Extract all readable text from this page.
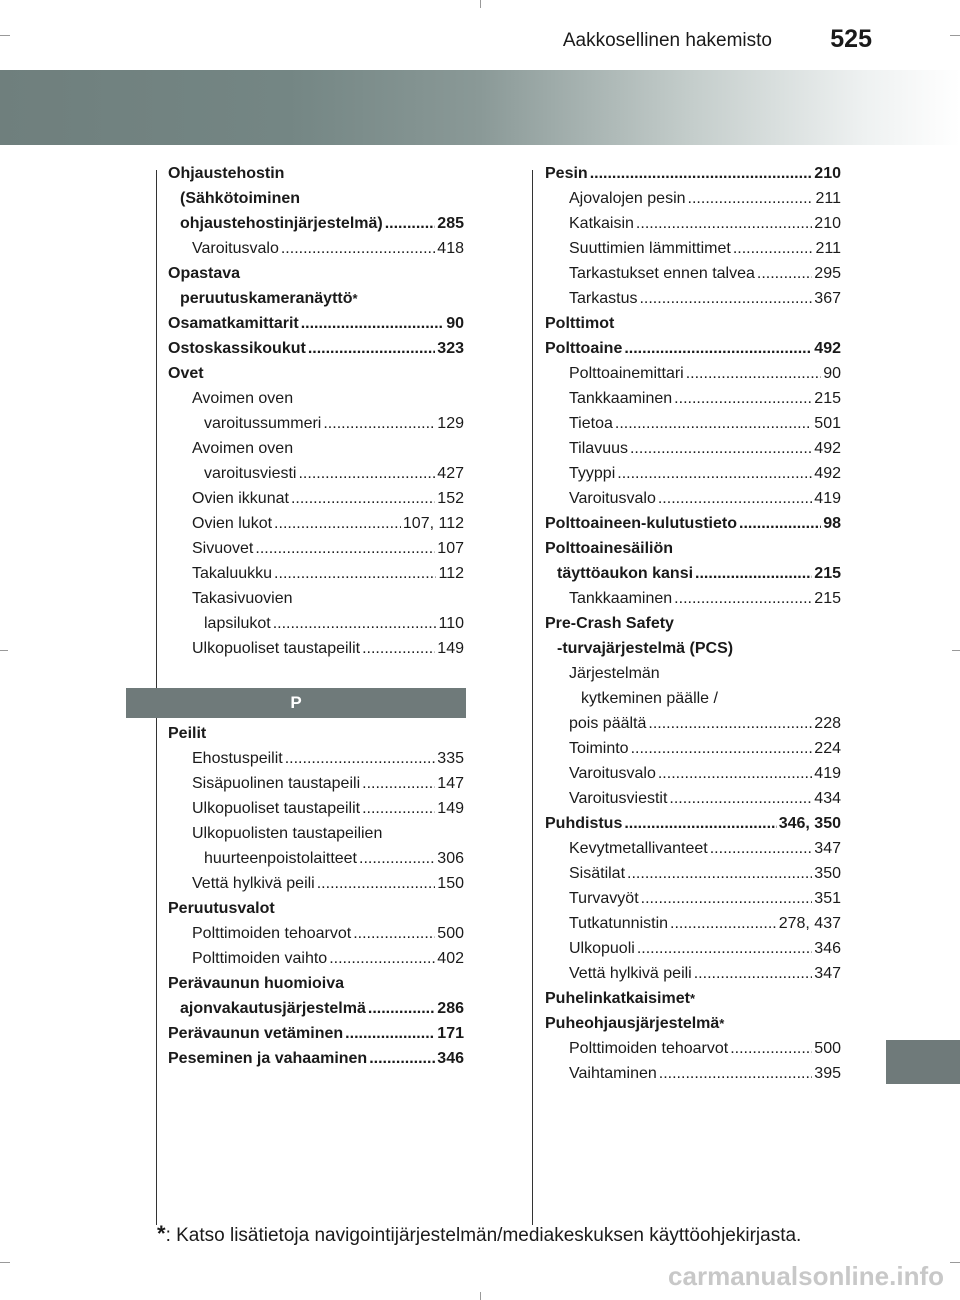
Aakkosellinen hakemisto 525
Ohjaustehostin
(Sähkötoiminen
ohjaustehostinjärjestelmä) .....	285
Varoitusvalo .....	418
Opastava
peruutuskameranäyttö *
Osamatkamittarit .....	90
Ostoskassikoukut .....	323
Ovet
Avoimen oven
varoitussummeri .....	129
Avoimen oven
varoitusviesti .....	427
Ovien ikkunat .....	152
Ovien lukot .....	107, 112
Sivuovet .....	107
Takaluukku .....	112
Takasivuovien
lapsilukot .....	110
Ulkopuoliset taustapeilit .....	149
P
Peilit
Ehostuspeilit .....	335
Sisäpuolinen taustapeili .....	147
Ulkopuoliset taustapeilit .....	149
Ulkopuolisten taustapeilien
huurteenpoistolaitteet .....	306
Vettä hylkivä peili .....	150
Peruutusvalot
Polttimoiden tehoarvot .....	500
Polttimoiden vaihto .....	402
Perävaunun huomioiva
ajonvakautusjärjestelmä .....	286
Perävaunun vetäminen .....	171
Peseminen ja vahaaminen .....	346
Pesin .....	210
Ajovalojen pesin .....	211
Katkaisin .....	210
Suuttimien lämmittimet .....	211
Tarkastukset ennen talvea .....	295
Tarkastus .....	367
Polttimot
Polttoaine .....	492
Polttoainemittari .....	90
Tankkaaminen .....	215
Tietoa .....	501
Tilavuus .....	492
Tyyppi .....	492
Varoitusvalo .....	419
Polttoaineen-kulutustieto .....	98
Polttoainesäiliön
täyttöaukon kansi .....	215
Tankkaaminen .....	215
Pre-Crash Safety
-turvajärjestelmä (PCS)
Järjestelmän
kytkeminen päälle /
pois päältä .....	228
Toiminto .....	224
Varoitusvalo .....	419
Varoitusviestit .....	434
Puhdistus .....	346, 350
Kevytmetallivanteet .....	347
Sisätilat .....	350
Turvavyöt .....	351
Tutkatunnistin .....	278, 437
Ulkopuoli .....	346
Vettä hylkivä peili .....	347
Puhelinkatkaisimet *
Puheohjausjärjestelmä *
Polttimoiden tehoarvot .....	500
Vaihtaminen .....	395
*: Katso lisätietoja navigointijärjestelmän/mediakeskuksen käyttöohjekirjasta.
carmanualsonline.info
